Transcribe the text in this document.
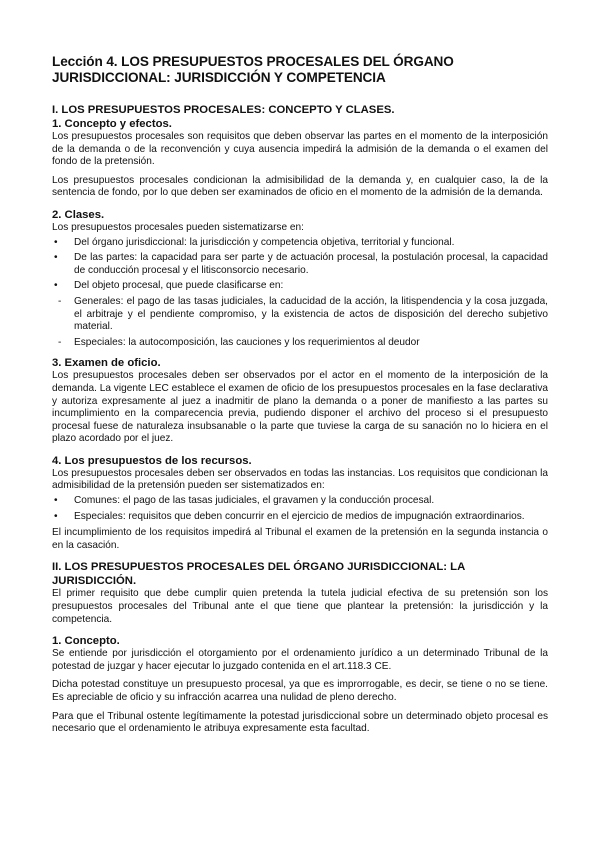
Lección 4. LOS PRESUPUESTOS PROCESALES DEL ÓRGANO JURISDICCIONAL: JURISDICCIÓN Y COMPETENCIA
I. LOS PRESUPUESTOS PROCESALES: CONCEPTO Y CLASES.
1. Concepto y efectos.

Los presupuestos procesales son requisitos que deben observar las partes en el momento de la interposición de la demanda o de la reconvención y cuya ausencia impedirá la admisión de la demanda o el examen del fondo de la pretensión.

Los presupuestos procesales condicionan la admisibilidad de la demanda y, en cualquier caso, la de la sentencia de fondo, por lo que deben ser examinados de oficio en el momento de la admisión de la demanda.

2. Clases.

Los presupuestos procesales pueden sistematizarse en:

• Del órgano jurisdiccional: la jurisdicción y competencia objetiva, territorial y funcional.
• De las partes: la capacidad para ser parte y de actuación procesal, la postulación procesal, la capacidad de conducción procesal y el litisconsorcio necesario.
• Del objeto procesal, que puede clasificarse en:
- Generales: el pago de las tasas judiciales, la caducidad de la acción, la litispendencia y la cosa juzgada, el arbitraje y el pendiente compromiso, y la existencia de actos de disposición del derecho subjetivo material.
- Especiales: la autocomposición, las cauciones y los requerimientos al deudor
3. Examen de oficio.

Los presupuestos procesales deben ser observados por el actor en el momento de la interposición de la demanda. La vigente LEC establece el examen de oficio de los presupuestos procesales en la fase declarativa y autoriza expresamente al juez a inadmitir de plano la demanda o a poner de manifiesto a las partes su incumplimiento en la comparecencia previa, pudiendo disponer el archivo del proceso si el presupuesto procesal fuese de naturaleza insubsanable o la parte que tuviese la carga de su sanación no lo hiciera en el plazo acordado por el juez.

4. Los presupuestos de los recursos.

Los presupuestos procesales deben ser observados en todas las instancias. Los requisitos que condicionan la admisibilidad de la pretensión pueden ser sistematizados en:

• Comunes: el pago de las tasas judiciales, el gravamen y la conducción procesal.
• Especiales: requisitos que deben concurrir en el ejercicio de medios de impugnación extraordinarios.

El incumplimiento de los requisitos impedirá al Tribunal el examen de la pretensión en la segunda instancia o en la casación.

II. LOS PRESUPUESTOS PROCESALES DEL ÓRGANO JURISDICCIONAL: LA JURISDICCIÓN.

El primer requisito que debe cumplir quien pretenda la tutela judicial efectiva de su pretensión son los presupuestos procesales del Tribunal ante el que tiene que plantear la pretensión: la jurisdicción y la competencia.

1. Concepto.

Se entiende por jurisdicción el otorgamiento por el ordenamiento jurídico a un determinado Tribunal de la potestad de juzgar y hacer ejecutar lo juzgado contenida en el art.118.3 CE.

Dicha potestad constituye un presupuesto procesal, ya que es improrrogable, es decir, se tiene o no se tiene. Es apreciable de oficio y su infracción acarrea una nulidad de pleno derecho.

Para que el Tribunal ostente legítimamente la potestad jurisdiccional sobre un determinado objeto procesal es necesario que el ordenamiento le atribuya expresamente esta facultad.
